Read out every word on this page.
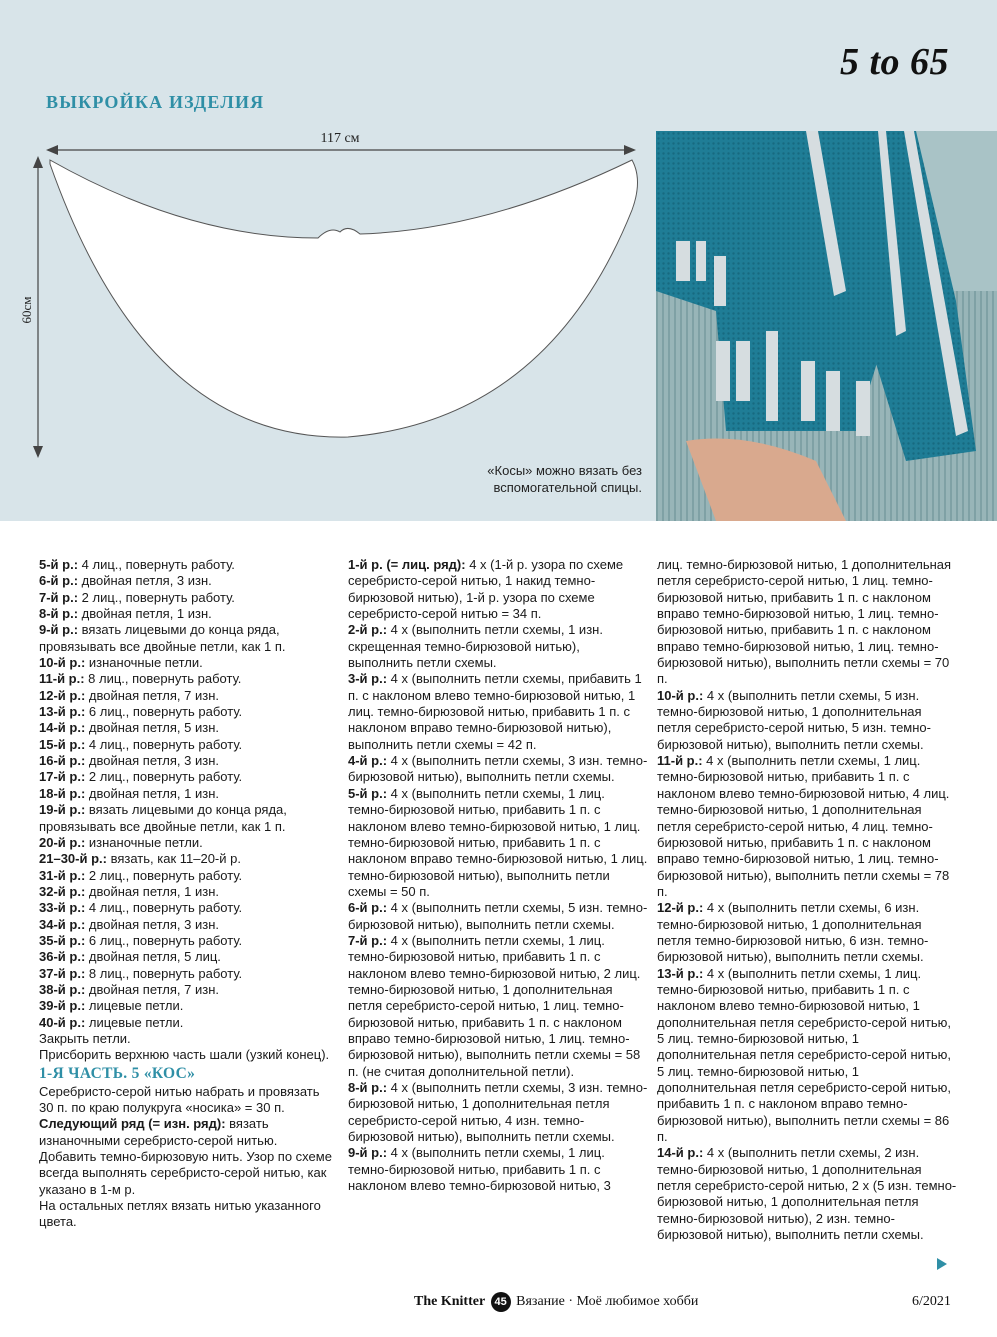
5 to 65
ВЫКРОЙКА ИЗДЕЛИЯ
117 см
60см
«Косы» можно вязать без вспомогательной спицы.

5-й р.: 4 лиц., повернуть работу.

6-й р.: двойная петля, 3 изн.

7-й р.: 2 лиц., повернуть работу.

8-й р.: двойная петля, 1 изн.

9-й р.: вязать лицевыми до конца ряда, провязывать все двойные петли, как 1 п.

10-й р.: изнаночные петли.

11-й р.: 8 лиц., повернуть работу.

12-й р.: двойная петля, 7 изн.

13-й р.: 6 лиц., повернуть работу.

14-й р.: двойная петля, 5 изн.

15-й р.: 4 лиц., повернуть работу.

16-й р.: двойная петля, 3 изн.

17-й р.: 2 лиц., повернуть работу.

18-й р.: двойная петля, 1 изн.

19-й р.: вязать лицевыми до конца ряда, провязывать все двойные петли, как 1 п.

20-й р.: изнаночные петли.

21–30-й р.: вязать, как 11–20-й р.

31-й р.: 2 лиц., повернуть работу.

32-й р.: двойная петля, 1 изн.

33-й р.: 4 лиц., повернуть работу.

34-й р.: двойная петля, 3 изн.

35-й р.: 6 лиц., повернуть работу.

36-й р.: двойная петля, 5 лиц.

37-й р.: 8 лиц., повернуть работу.

38-й р.: двойная петля, 7 изн.

39-й р.: лицевые петли.

40-й р.: лицевые петли.

Закрыть петли.

Присборить верхнюю часть шали (узкий конец).

1-Я ЧАСТЬ. 5 «КОС»

Серебристо-серой нитью набрать и провязать 30 п. по краю полукруга «носика» = 30 п.

Следующий ряд (= изн. ряд): вязать изнаночными серебристо-серой нитью. Добавить темно-бирюзовую нить. Узор по схеме всегда выполнять серебристо-серой нитью, как указано в 1-м р.

На остальных петлях вязать нитью указанного цвета.

1-й р. (= лиц. ряд): 4 х (1-й р. узора по схеме серебристо-серой нитью, 1 накид темно-бирюзовой нитью), 1-й р. узора по схеме серебристо-серой нитью = 34 п.

2-й р.: 4 х (выполнить петли схемы, 1 изн. скрещенная темно-бирюзовой нитью), выполнить петли схемы.

3-й р.: 4 х (выполнить петли схемы, прибавить 1 п. с наклоном влево темно-бирюзовой нитью, 1 лиц. темно-бирюзовой нитью, прибавить 1 п. с наклоном вправо темно-бирюзовой нитью), выполнить петли схемы = 42 п.

4-й р.: 4 х (выполнить петли схемы, 3 изн. темно-бирюзовой нитью), выполнить петли схемы.

5-й р.: 4 х (выполнить петли схемы, 1 лиц. темно-бирюзовой нитью, прибавить 1 п. с наклоном влево темно-бирюзовой нитью, 1 лиц. темно-бирюзовой нитью, прибавить 1 п. с наклоном вправо темно-бирюзовой нитью, 1 лиц. темно-бирюзовой нитью), выполнить петли схемы = 50 п.

6-й р.: 4 х (выполнить петли схемы, 5 изн. темно-бирюзовой нитью), выполнить петли схемы.

7-й р.: 4 х (выполнить петли схемы, 1 лиц. темно-бирюзовой нитью, прибавить 1 п. с наклоном влево темно-бирюзовой нитью, 2 лиц. темно-бирюзовой нитью, 1 дополнительная петля серебристо-серой нитью, 1 лиц. темно-бирюзовой нитью, прибавить 1 п. с наклоном вправо темно-бирюзовой нитью, 1 лиц. темно-бирюзовой нитью), выполнить петли схемы = 58 п. (не считая дополнительной петли).

8-й р.: 4 х (выполнить петли схемы, 3 изн. темно-бирюзовой нитью, 1 дополнительная петля серебристо-серой нитью, 4 изн. темно-бирюзовой нитью), выполнить петли схемы.

9-й р.: 4 х (выполнить петли схемы, 1 лиц. темно-бирюзовой нитью, прибавить 1 п. с наклоном влево темно-бирюзовой нитью, 3

лиц. темно-бирюзовой нитью, 1 дополнительная петля серебристо-серой нитью, 1 лиц. темно-бирюзовой нитью, прибавить 1 п. с наклоном вправо темно-бирюзовой нитью, 1 лиц. темно-бирюзовой нитью, прибавить 1 п. с наклоном вправо темно-бирюзовой нитью, 1 лиц. темно-бирюзовой нитью), выполнить петли схемы = 70 п.

10-й р.: 4 х (выполнить петли схемы, 5 изн. темно-бирюзовой нитью, 1 дополнительная петля серебристо-серой нитью, 5 изн. темно-бирюзовой нитью), выполнить петли схемы.

11-й р.: 4 х (выполнить петли схемы, 1 лиц. темно-бирюзовой нитью, прибавить 1 п. с наклоном влево темно-бирюзовой нитью, 4 лиц. темно-бирюзовой нитью, 1 дополнительная петля серебристо-серой нитью, 4 лиц. темно-бирюзовой нитью, прибавить 1 п. с наклоном вправо темно-бирюзовой нитью, 1 лиц. темно-бирюзовой нитью), выполнить петли схемы = 78 п.

12-й р.: 4 х (выполнить петли схемы, 6 изн. темно-бирюзовой нитью, 1 дополнительная петля темно-бирюзовой нитью, 6 изн. темно-бирюзовой нитью), выполнить петли схемы.

13-й р.: 4 х (выполнить петли схемы, 1 лиц. темно-бирюзовой нитью, прибавить 1 п. с наклоном влево темно-бирюзовой нитью, 1 дополнительная петля серебристо-серой нитью, 5 лиц. темно-бирюзовой нитью, 1 дополнительная петля серебристо-серой нитью, 5 лиц. темно-бирюзовой нитью, 1 дополнительная петля серебристо-серой нитью, прибавить 1 п. с наклоном вправо темно-бирюзовой нитью), выполнить петли схемы = 86 п.

14-й р.: 4 х (выполнить петли схемы, 2 изн. темно-бирюзовой нитью, 1 дополнительная петля серебристо-серой нитью, 2 х (5 изн. темно-бирюзовой нитью, 1 дополнительная петля темно-бирюзовой нитью), 2 изн. темно-бирюзовой нитью), выполнить петли схемы.

The Knitter 45 Вязание · Моё любимое хобби	6/2021
